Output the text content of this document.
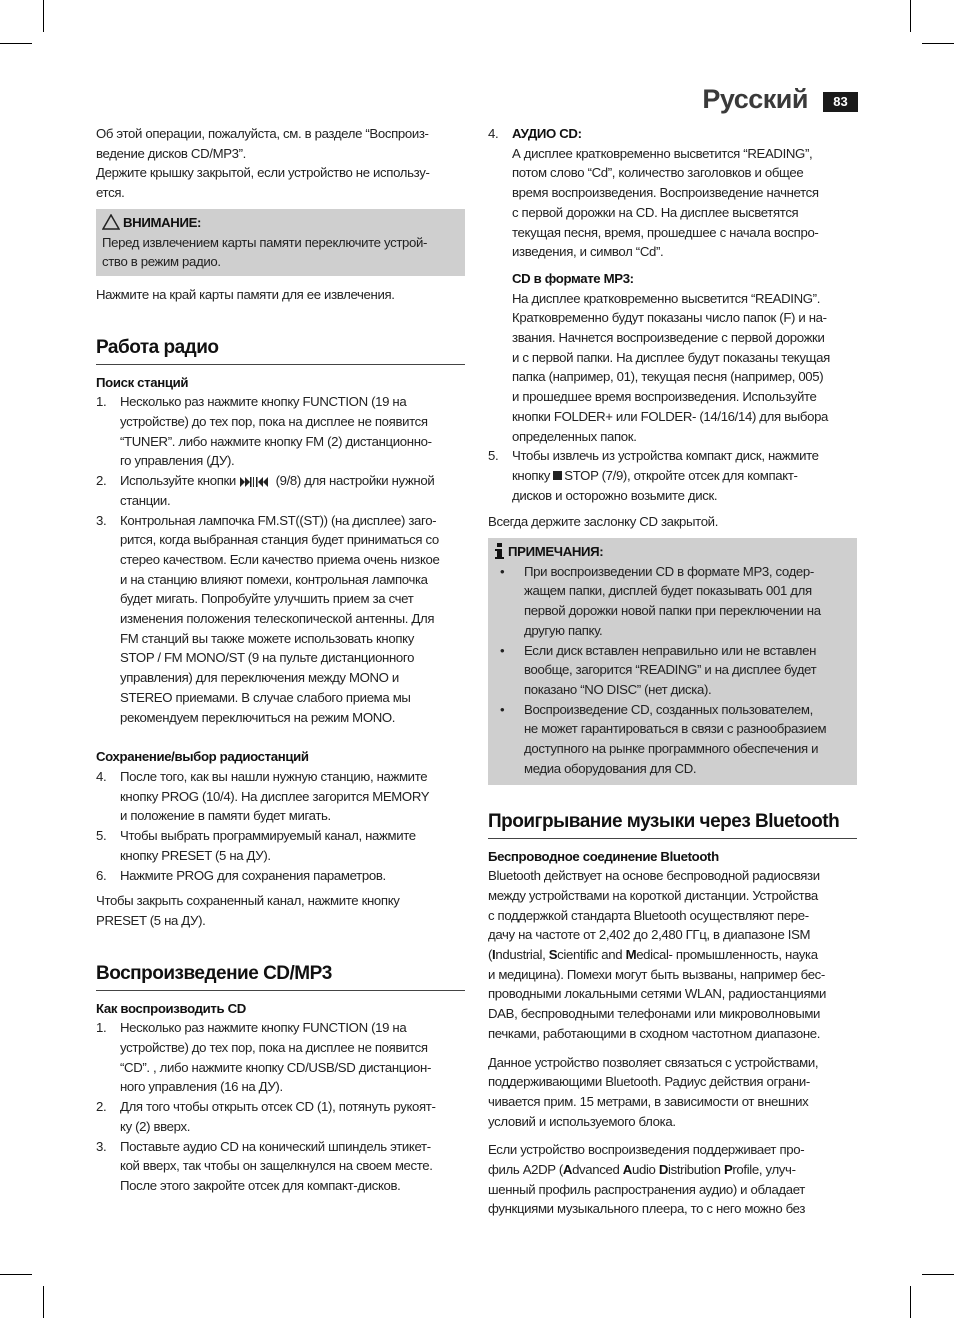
Русский	83

Об этой операции, пожалуйста, см. в разделе “Воспроиз-
ведение дисков CD/MP3”.
Держите крышку закрытой, если устройство не использу-
ется.

ВНИМАНИЕ:
Перед извлечением карты памяти переключите устрой-
ство в режим радио.

Нажмите на край карты памяти для ее извлечения.

Работа радио
Поиск станций
1.	Несколько раз нажмите кнопку FUNCTION (19 на
устройстве) до тех пор, пока на дисплее не появится
“TUNER”. либо нажмите кнопку FM (2) дистанционно-
го управления (ДУ).
2.	Используйте кнопки	(9/8) для настройки нужной
станции.
3.	Контрольная лампочка FM.ST((ST)) (на дисплее) заго-
рится, когда выбранная станция будет приниматься со
стерео качеством. Если качество приема очень низкое
и на станцию влияют помехи, контрольная лампочка
будет мигать. Попробуйте улучшить прием за счет
изменения положения телескопической антенны. Для
FM станций вы также можете использовать кнопку
STOP / FM MONO/ST (9 на пульте дистанционного
управления) для переключения между MONO и
STEREO приемами. В случае слабого приема мы
рекомендуем переключиться на режим MONO.
Сохранение/выбор радиостанций
4.	После того, как вы нашли нужную станцию, нажмите
кнопку PROG (10/4). На дисплее загорится MEMORY
и положение в памяти будет мигать.
5.	Чтобы выбрать программируемый канал, нажмите
кнопку PRESET (5 на ДУ).
6.	Нажмите PROG для сохранения параметров.

Чтобы закрыть сохраненный канал, нажмите кнопку
PRESET (5 на ДУ).

Воспроизведение CD/MP3
Как воспроизводить CD
1.	Несколько раз нажмите кнопку FUNCTION (19 на
устройстве) до тех пор, пока на дисплее не появится
“CD”. , либо нажмите кнопку CD/USB/SD дистанцион-
ного управления (16 на ДУ).
2.	Для того чтобы открыть отсек CD (1), потянуть рукоят-
ку (2) вверх.
3.	Поставьте аудио CD на конический шпиндель этикет-
кой вверх, так чтобы он защелкнулся на своем месте.
После этого закройте отсек для компакт-дисков.
4.	АУДИО CD:
А дисплее кратковременно высветится “READING”,
потом слово “Cd”, количество заголовков и общее
время воспроизведения. Воспроизведение начнется
с первой дорожки на CD. На дисплее высветятся
текущая песня, время, прошедшее с начала воспро-
изведения, и символ “Cd”.
CD в формате MP3:
На дисплее кратковременно высветится “READING”.
Кратковременно будут показаны число папок (F) и на-
звания. Начнется воспроизведение с первой дорожки
и с первой папки. На дисплее будут показаны текущая
папка (например, 01), текущая песня (например, 005)
и прошедшее время воспроизведения. Используйте
кнопки FOLDER+ или FOLDER- (14/16/14) для выбора
определенных папок.
5.	Чтобы извлечь из устройства компакт диск, нажмите
кнопку STOP (7/9), откройте отсек для компакт-
дисков и осторожно возьмите диск.

Всегда держите заслонку CD закрытой.

ПРИМЕЧАНИЯ:
•	При воспроизведении CD в формате MP3, содер-
жащем папки, дисплей будет показывать 001 для
первой дорожки новой папки при переключении на
другую папку.
•	Если диск вставлен неправильно или не вставлен
вообще, загорится “READING” и на дисплее будет
показано “NO DISC” (нет диска).
•	Воспроизведение CD, созданных пользователем,
не может гарантироваться в связи с разнообразием
доступного на рынке программного обеспечения и
медиа оборудования для CD.
Проигрывание музыки через Bluetooth
Беспроводное соединение Bluetooth

Bluetooth действует на основе беспроводной радиосвязи
между устройствами на короткой дистанции. Устройства
с поддержкой стандарта Bluetooth осуществляют пере-
дачу на частоте от 2,402 до 2,480 ГГц, в диапазоне ISM
(Industrial, Scientific and Medical- промышленность, наука
и медицина). Помехи могут быть вызваны, например бес-
проводными локальными сетями WLAN, радиостанциями
DAB, беспроводными телефонами или микроволновыми
печками, работающими в сходном частотном диапазоне.

Данное устройство позволяет связаться с устройствами,
поддерживающими Bluetooth. Радиус действия ограни-
чивается прим. 15 метрами, в зависимости от внешних
условий и используемого блока.

Если устройство воспроизведения поддерживает про-
филь A2DP (Advanced Audio Distribution Profile, улуч-
шенный профиль распространения аудио) и обладает
функциями музыкального плеера, то с него можно без
